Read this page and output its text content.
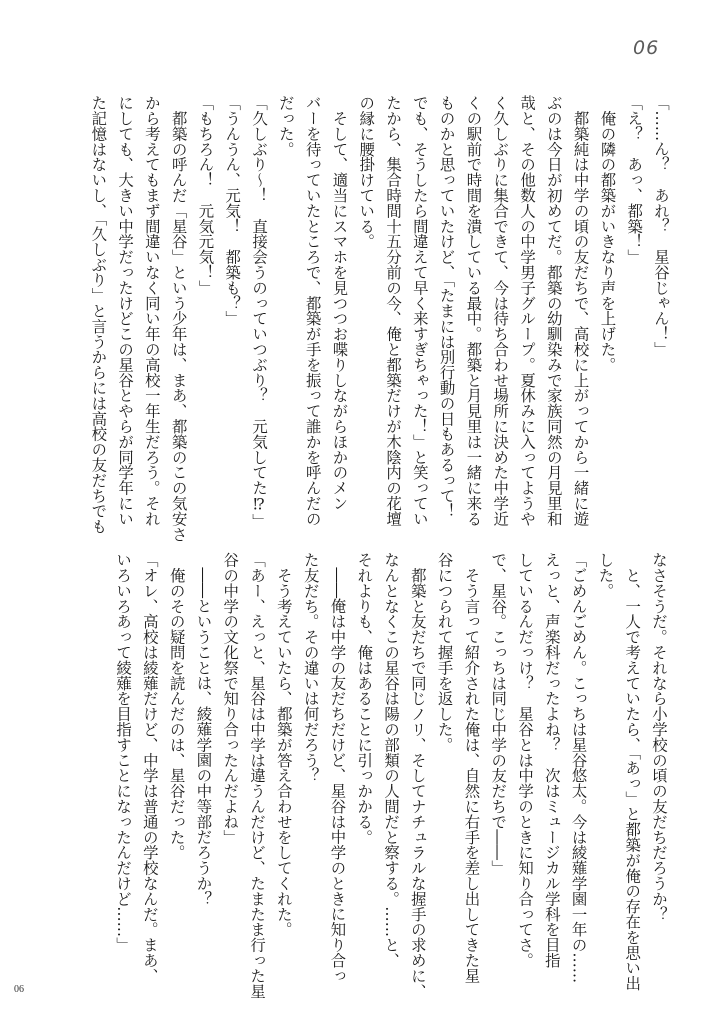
06
「……ん？　あれ？　星谷じゃん！」
「え？　あっ、都築！」
　俺の隣の都築がいきなり声を上げた。
　都築純は中学の頃の友だちで、高校に上がってから一緒に遊
ぶのは今日が初めてだ。都築の幼馴染みで家族同然の月見里和
哉と、その他数人の中学男子グループ。夏休みに入ってようや
く久しぶりに集合できて、今は待ち合わせ場所に決めた中学近
くの駅前で時間を潰している最中。都築と月見里は一緒に来る
ものかと思っていたけど、「たまには別行動の日もあるって！
でも、そうしたら間違えて早く来すぎちゃった！」と笑ってい
たから、集合時間十五分前の今、俺と都築だけが木陰内の花壇
の縁に腰掛けている。
　そして、適当にスマホを見つつお喋りしながらほかのメン
バーを待っていたところで、都築が手を振って誰かを呼んだの
だった。
「久しぶり〜！　直接会うのっていつぶり？　元気してた⁉」
「うんうん、元気！　都築も？」
「もちろん！　元気元気！」
　都築の呼んだ「星谷」という少年は、まあ、都築のこの気安さ
から考えてもまず間違いなく同い年の高校一年生だろう。それ
にしても、大きい中学だったけどこの星谷とやらが同学年にい
た記憶はないし、「久しぶり」と言うからには高校の友だちでも
なさそうだ。それなら小学校の頃の友だちだろうか？
　と、一人で考えていたら、「あっ」と都築が俺の存在を思い出
した。
「ごめんごめん。こっちは星谷悠太。今は綾薙学園一年の……
えっと、声楽科だったよね？　次はミュージカル学科を目指
しているんだっけ？　星谷とは中学のときに知り合ってさ。
で、星谷。こっちは同じ中学の友だちで――」
　そう言って紹介された俺は、自然に右手を差し出してきた星
谷につられて握手を返した。
　都築と友だちで同じノリ、そしてナチュラルな握手の求めに、
なんとなくこの星谷は陽の部類の人間だと察する。……と、
それよりも、俺はあることに引っかかる。
　――俺は中学の友だちだけど、星谷は中学のときに知り合っ
た友だち。その違いは何だろう？
　そう考えていたら、都築が答え合わせをしてくれた。
「あー、えっと、星谷は中学は違うんだけど、たまたま行った星
谷の中学の文化祭で知り合ったんだよね」
　――ということは、綾薙学園の中等部だろうか？
　俺のその疑問を読んだのは、星谷だった。
「オレ、高校は綾薙だけど、中学は普通の学校なんだ。まあ、
いろいろあって綾薙を目指すことになったんだけど……」
06
